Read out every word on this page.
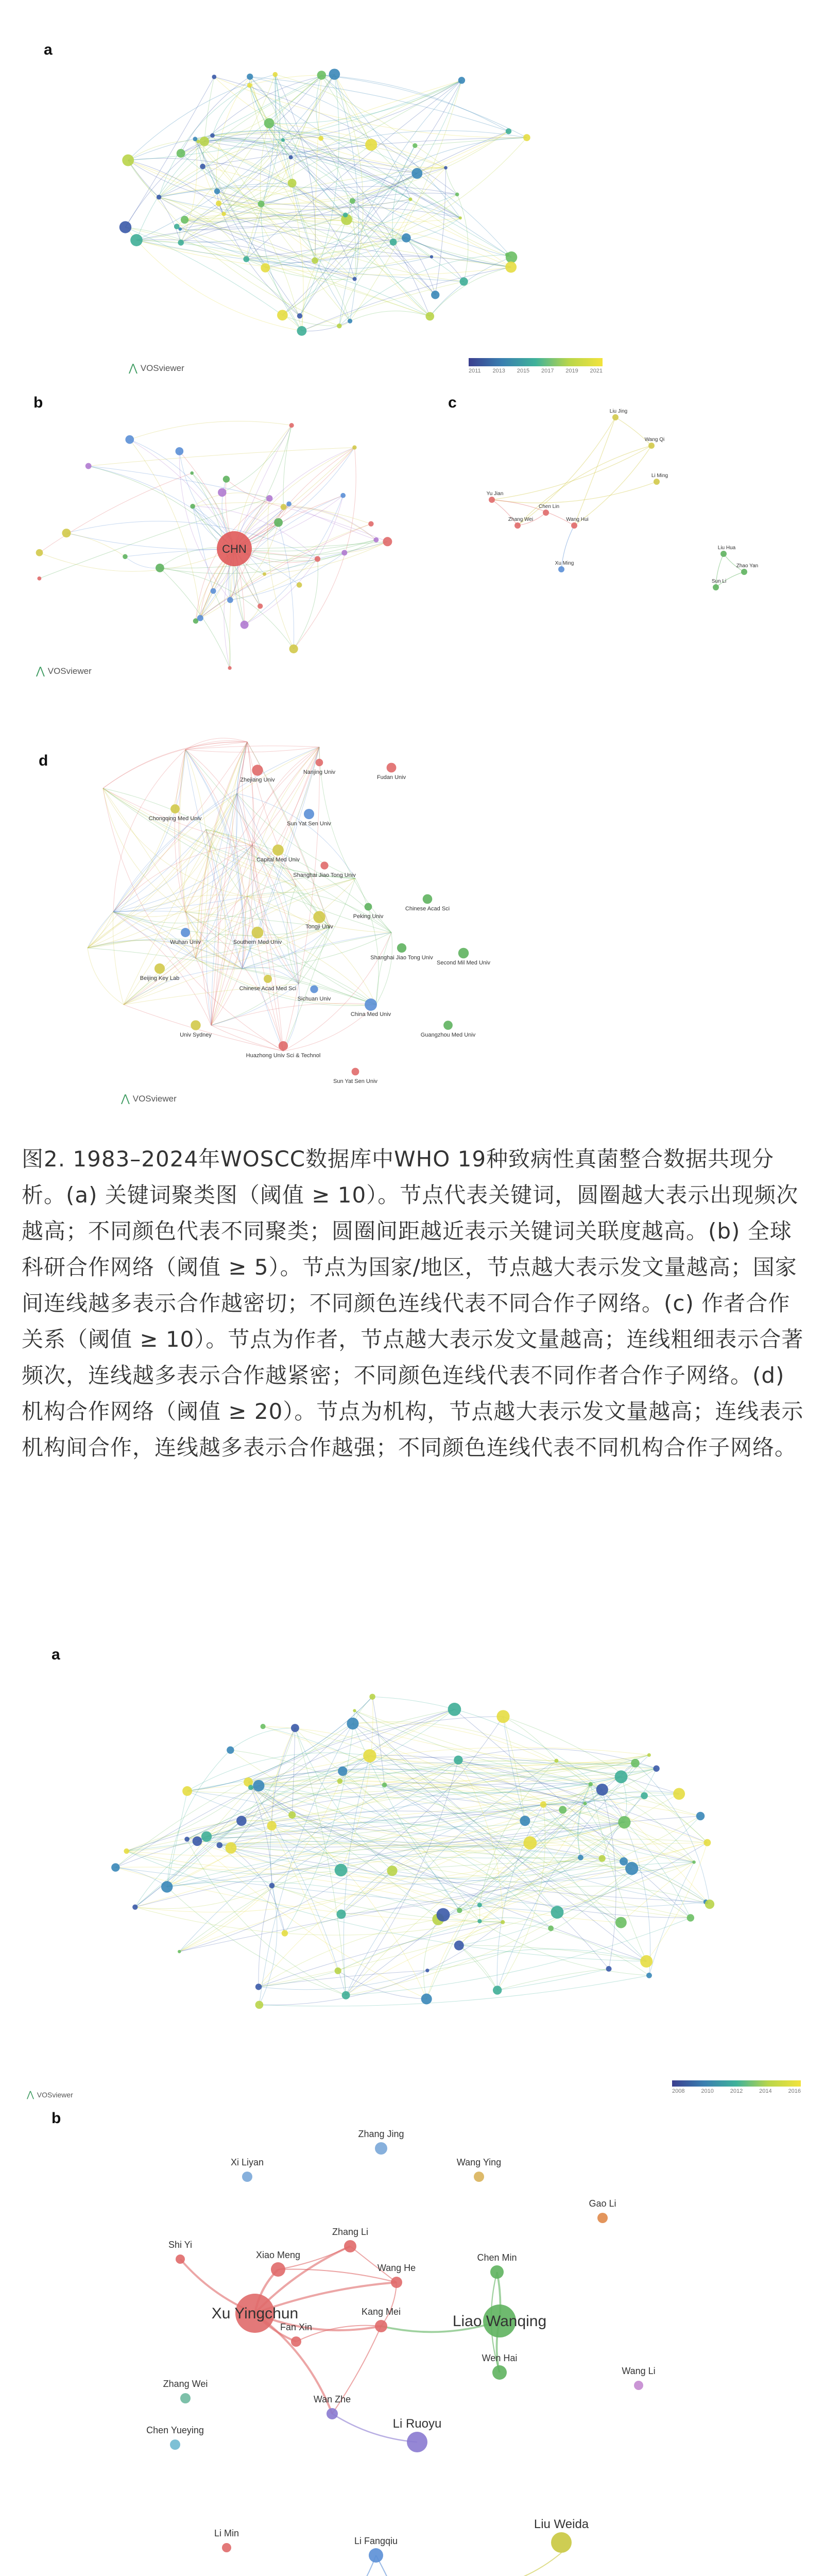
a
⋀ VOSviewer	2011 2013 2015 2017 2019 2021
b
CHN
⋀ VOSviewer
c
Liu Jing
Wang Qi
Li Ming
Yu Jian
Zhang Wei
Chen Lin
Wang Hui
Xu Ming
Liu Hua
Zhao Yan
Sun Li
d
Zhejiang Univ
Nanjing Univ
Fudan Univ
Chongqing Med Univ
Sun Yat Sen Univ
Capital Med Univ
Shanghai Jiao Tong Univ
Peking Univ
Chinese Acad Sci
Wuhan Univ	Southern Med Univ
Tongji Univ
Beijing Key Lab
Shanghai Jiao Tong Univ
Second Mil Med Univ
Chinese Acad Med Sci
Sichuan Univ
China Med Univ
Univ Sydney
Huazhong Univ Sci & Technol
Guangzhou Med Univ
Sun Yat Sen Univ
⋀ VOSviewer
图2. 1983–2024年WOSCC数据库中WHO 19种致病性真菌整合数据共现分析。(a) 关键词聚类图（阈值 ≥ 10）。节点代表关键词，圆圈越大表示出现频次越高；不同颜色代表不同聚类；圆圈间距越近表示关键词关联度越高。(b) 全球科研合作网络（阈值 ≥ 5）。节点为国家/地区，节点越大表示发文量越高；国家间连线越多表示合作越密切；不同颜色连线代表不同合作子网络。(c) 作者合作关系（阈值 ≥ 10）。节点为作者，节点越大表示发文量越高；连线粗细表示合著频次，连线越多表示合作越紧密；不同颜色连线代表不同作者合作子网络。(d) 机构合作网络（阈值 ≥ 20）。节点为机构，节点越大表示发文量越高；连线表示机构间合作，连线越多表示合作越强；不同颜色连线代表不同机构合作子网络。
a
⋀ VOSviewer	2008	2010	2012	2014	2016
b
Zhang Jing
Xi Liyan	Wang Ying
Gao Li
Shi Yi
Zhang Li
Xiao Meng
Xu Yingchun
Wang He
Kang Mei
Fan Xin
Chen Min
Liao Wanqing
Wen Hai
Wang Li
Zhang Wei
Chen Yueying
Wan Zhe
Li Ruoyu
Li Min
Li Fangqiu
Liu Weida
